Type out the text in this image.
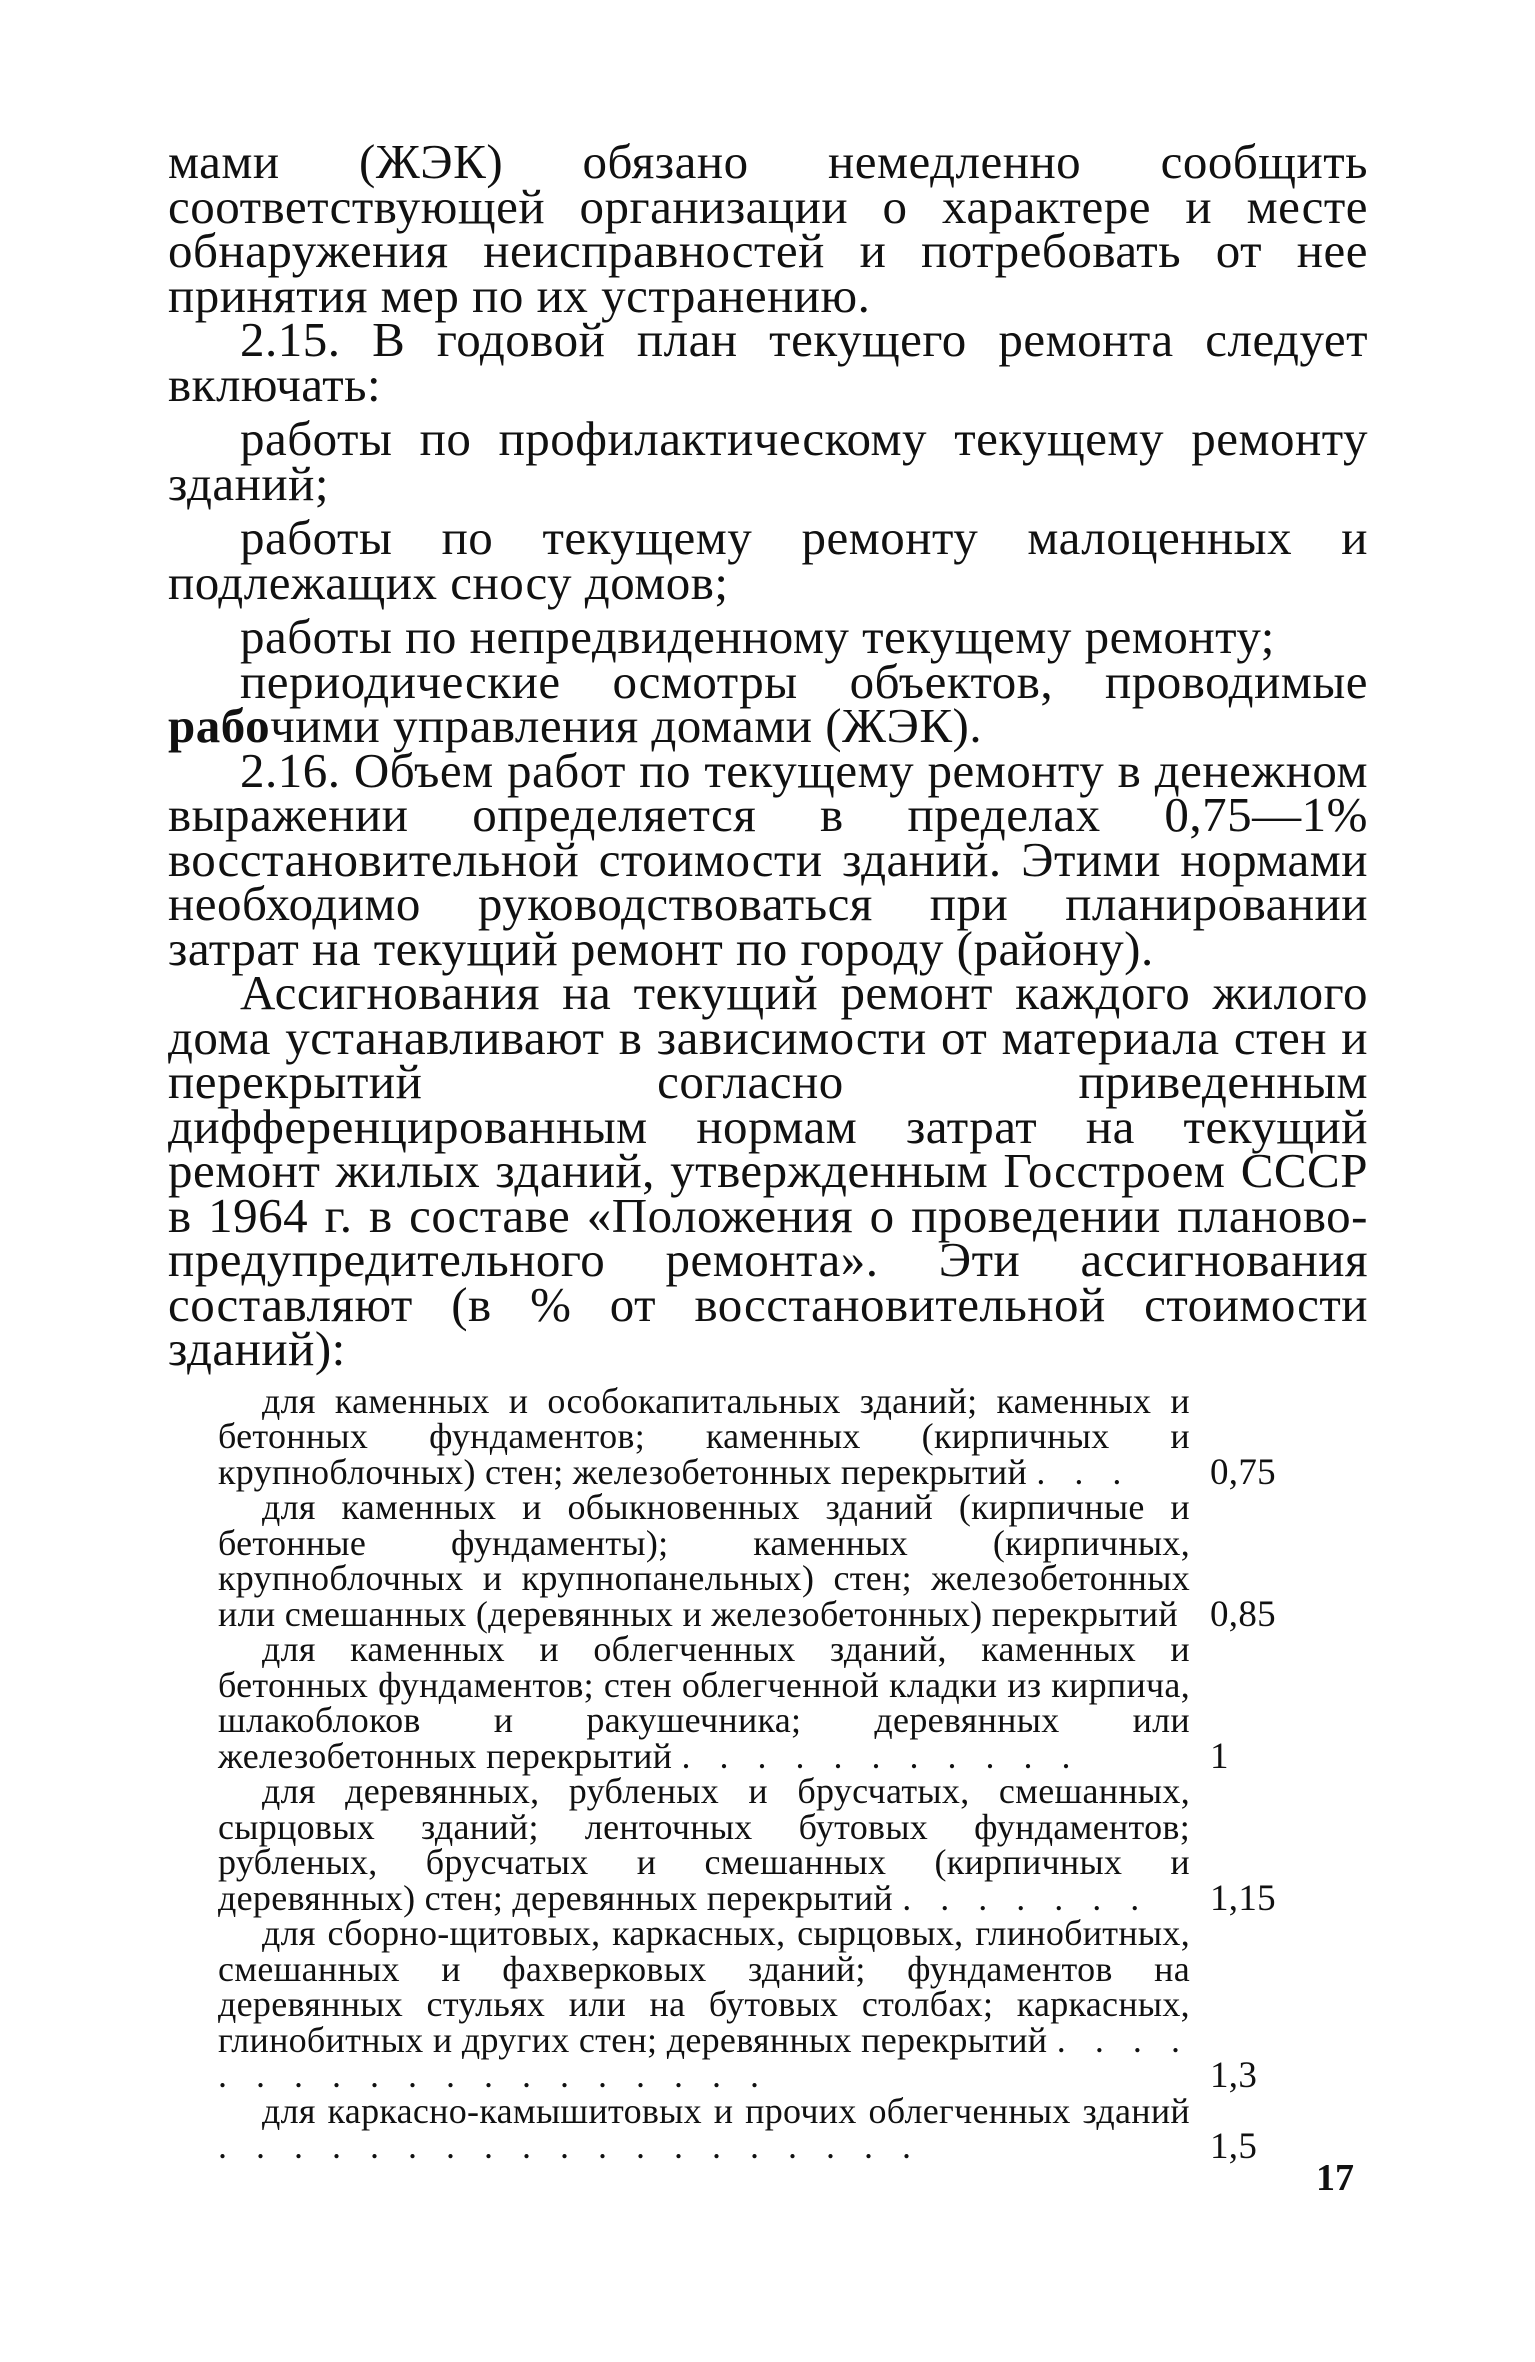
мами (ЖЭК) обязано немедленно сообщить соответствующей организации о характере и месте обнаружения неисправностей и потребовать от нее принятия мер по их устранению.

2.15. В годовой план текущего ремонта следует включать:

работы по профилактическому текущему ремонту зданий;

работы по текущему ремонту малоценных и подлежащих сносу домов;

работы по непредвиденному текущему ремонту;

периодические осмотры объектов, проводимые рабочими управления домами (ЖЭК).

2.16. Объем работ по текущему ремонту в денежном выражении определяется в пределах 0,75—1% восстановительной стоимости зданий. Этими нормами необходимо руководствоваться при планировании затрат на текущий ремонт по городу (району).

Ассигнования на текущий ремонт каждого жилого дома устанавливают в зависимости от материала стен и перекрытий согласно приведенным дифференцированным нормам затрат на текущий ремонт жилых зданий, утвержденным Госстроем СССР в 1964 г. в составе «Положения о проведении планово-предупредительного ремонта». Эти ассигнования составляют (в % от восстановительной стоимости зданий):

для каменных и особокапитальных зданий; каменных и бетонных фундаментов; каменных (кирпичных и крупноблочных) стен; железобетонных перекрытий . . .	0,75
для каменных и обыкновенных зданий (кирпичные и бетонные фундаменты); каменных (кирпичных, крупноблочных и крупнопанельных) стен; железобетонных или смешанных (деревянных и железобетонных) перекрытий 0,85
для каменных и облегченных зданий, каменных и бетонных фундаментов; стен облегченной кладки из кирпича, шлакоблоков и ракушечника; деревянных или железобетонных перекрытий . . . . . . . . . . .	1
для деревянных, рубленых и брусчатых, смешанных, сырцовых зданий; ленточных бутовых фундаментов; рубленых, брусчатых и смешанных (кирпичных и деревянных) стен; деревянных перекрытий . . . . . . .	1,15
для сборно-щитовых, каркасных, сырцовых, глинобитных, смешанных и фахверковых зданий; фундаментов на деревянных стульях или на бутовых столбах; каркасных, глинобитных и других стен; деревянных перекрытий . . . . . . . . . . . . . . . . . . .	1,3
для каркасно-камышитовых и прочих облегченных зданий . . . . . . . . . . . . . . . . . . .	1,5
17
